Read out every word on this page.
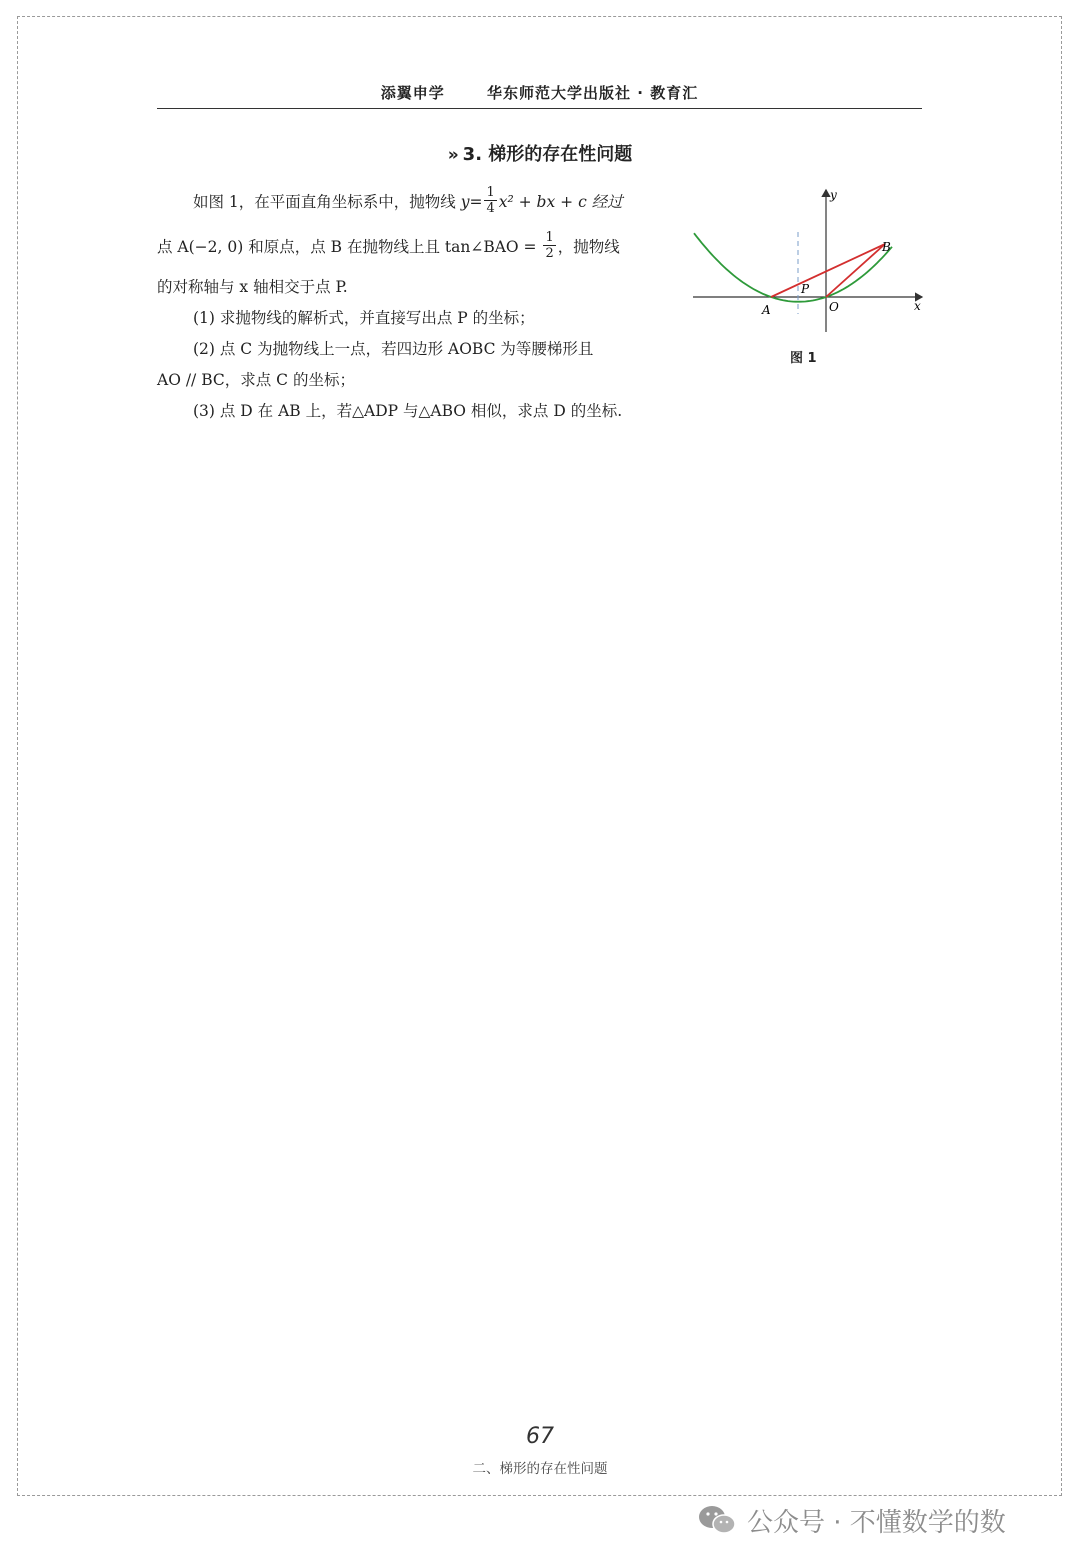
添翼申学	华东师范大学出版社 · 教育汇
» 3. 梯形的存在性问题
如图 1，在平面直角坐标系中，抛物线 $y= \frac{1}{4} x^2$ + bx + c 经过
点 A(−2, 0) 和原点，点 B 在抛物线上且 tan∠BAO = $\frac{1}{2}$ ，抛物线
的对称轴与 x 轴相交于点 P.
(1) 求抛物线的解析式，并直接写出点 P 的坐标；
(2) 点 C 为抛物线上一点，若四边形 AOBC 为等腰梯形且
AO // BC，求点 C 的坐标；
(3) 点 D 在 AB 上，若△ADP 与△ABO 相似，求点 D 的坐标.
x
y
A	O
P
B
图 1
67
二、梯形的存在性问题
公众号 · 不懂数学的数
